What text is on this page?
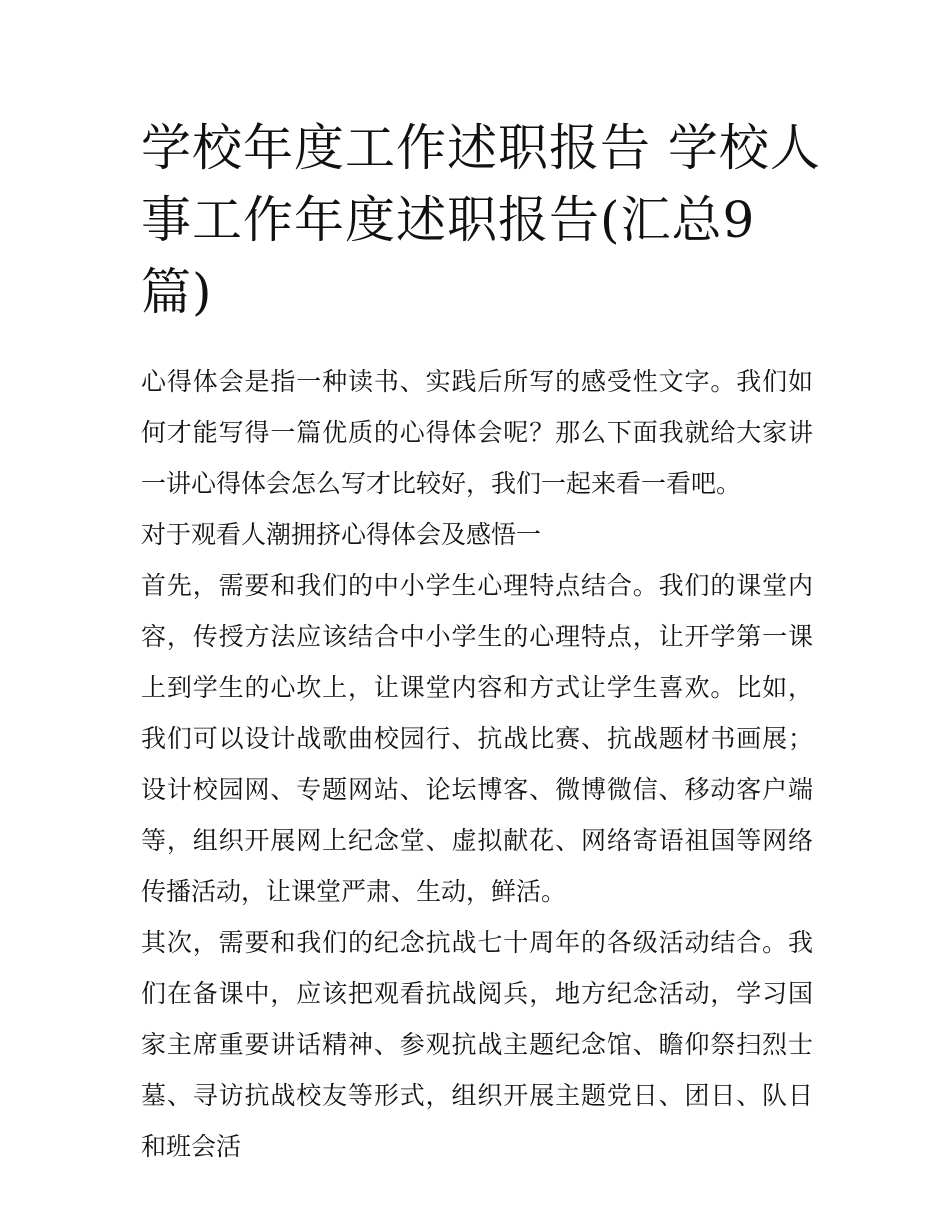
学校年度工作述职报告 学校人事工作年度述职报告(汇总9篇)

心得体会是指一种读书、实践后所写的感受性文字。我们如何才能写得一篇优质的心得体会呢？那么下面我就给大家讲一讲心得体会怎么写才比较好，我们一起来看一看吧。

对于观看人潮拥挤心得体会及感悟一

首先，需要和我们的中小学生心理特点结合。我们的课堂内容，传授方法应该结合中小学生的心理特点，让开学第一课上到学生的心坎上，让课堂内容和方式让学生喜欢。比如，我们可以设计战歌曲校园行、抗战比赛、抗战题材书画展；设计校园网、专题网站、论坛博客、微博微信、移动客户端等，组织开展网上纪念堂、虚拟献花、网络寄语祖国等网络传播活动，让课堂严肃、生动，鲜活。

其次，需要和我们的纪念抗战七十周年的各级活动结合。我们在备课中，应该把观看抗战阅兵，地方纪念活动，学习国家主席重要讲话精神、参观抗战主题纪念馆、瞻仰祭扫烈士墓、寻访抗战校友等形式，组织开展主题党日、团日、队日和班会活
